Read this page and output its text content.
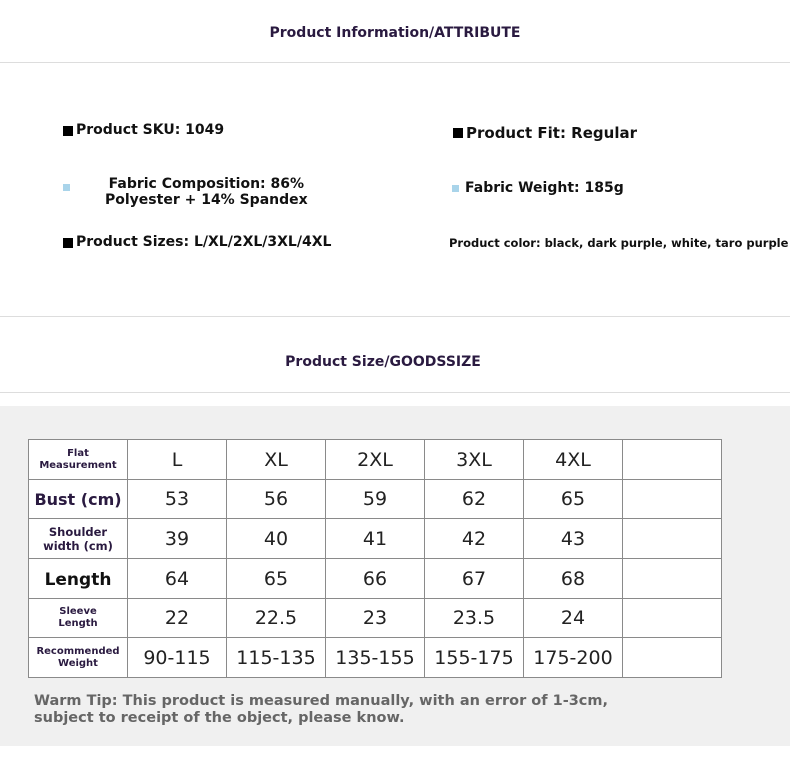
Product Information/ATTRIBUTE
Product SKU: 1049	Product Fit: Regular
Fabric Composition: 86%
Polyester + 14% Spandex
Fabric Weight: 185g
Product Sizes: L/XL/2XL/3XL/4XL	Product color: black, dark purple, white, taro purple
Product Size/GOODSSIZE
Flat
Measurement	L	XL	2XL	3XL	4XL	
Bust (cm)	53	56	59	62	65	

Shoulder
width (cm)	39	40	41	42	43	
Length	64	65	66	67	68	

Sleeve
Length	22	22.5	23	23.5	24	

Recommended
Weight	90-115	115-135	135-155	155-175	175-200	
Warm Tip: This product is measured manually, with an error of 1-3cm,
subject to receipt of the object, please know.
